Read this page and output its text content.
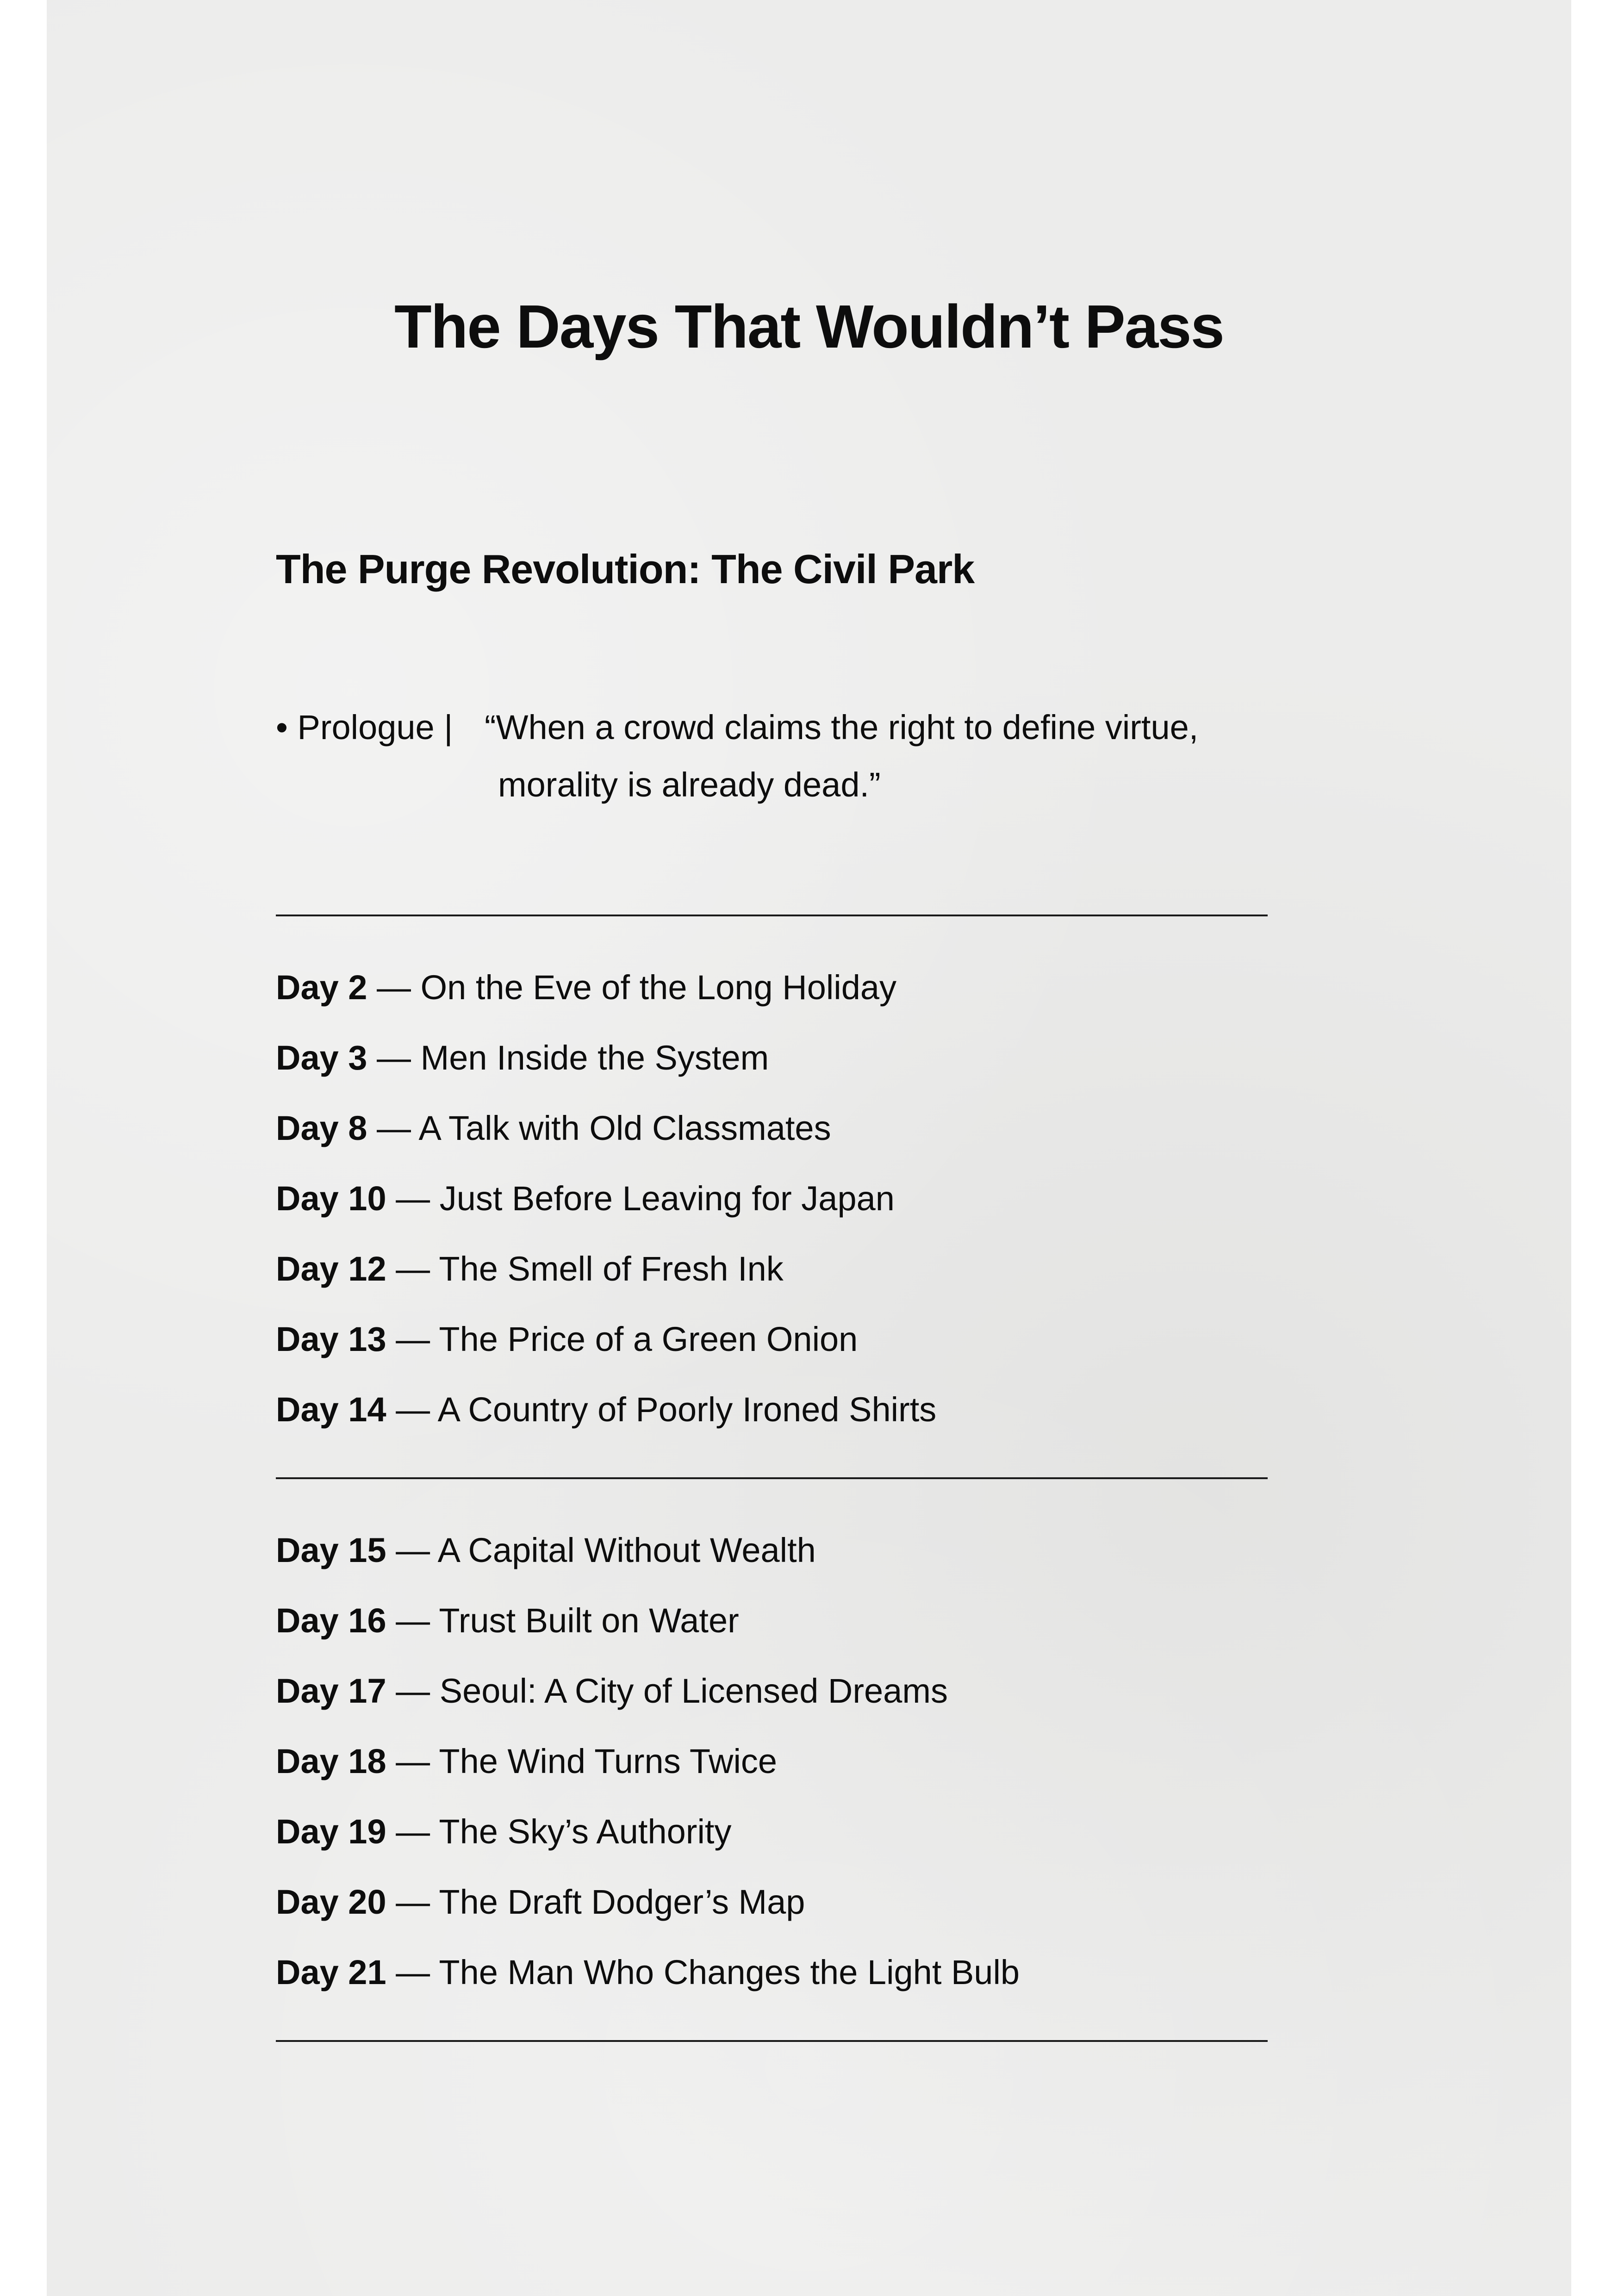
The Days That Wouldn’t Pass
The Purge Revolution: The Civil Park
• Prologue | “When a crowd claims the right to define virtue,
morality is already dead.”
Day 2 — On the Eve of the Long Holiday
Day 3 — Men Inside the System
Day 8 — A Talk with Old Classmates
Day 10 — Just Before Leaving for Japan
Day 12 — The Smell of Fresh Ink
Day 13 — The Price of a Green Onion
Day 14 — A Country of Poorly Ironed Shirts
Day 15 — A Capital Without Wealth
Day 16 — Trust Built on Water
Day 17 — Seoul: A City of Licensed Dreams
Day 18 — The Wind Turns Twice
Day 19 — The Sky’s Authority
Day 20 — The Draft Dodger’s Map
Day 21 — The Man Who Changes the Light Bulb
